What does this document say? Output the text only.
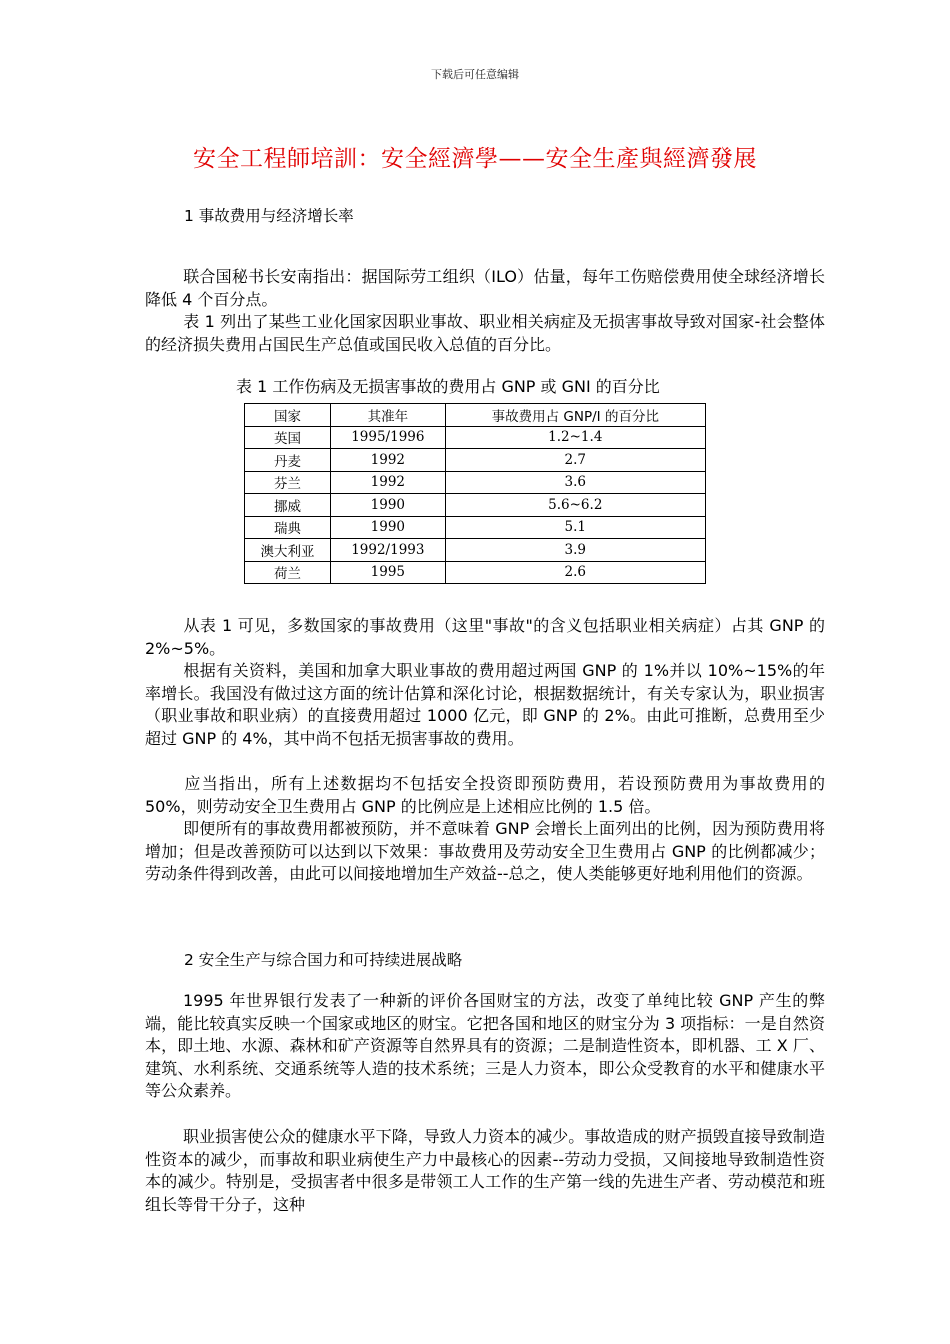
下载后可任意编辑
安全工程師培訓：安全經濟學——安全生產與經濟發展
1 事故费用与经济增长率

联合国秘书长安南指出：据国际劳工组织（ILO）估量，每年工伤赔偿费用使全球经济增长降低 4 个百分点。

表 1 列出了某些工业化国家因职业事故、职业相关病症及无损害事故导致对国家-社会整体的经济损失费用占国民生产总值或国民收入总值的百分比。

表 1 工作伤病及无损害事故的费用占 GNP 或 GNI 的百分比
国家	其准年	事故费用占 GNP/I 的百分比
英国	1995/1996	1.2~1.4
丹麦	1992	2.7
芬兰	1992	3.6
挪威	1990	5.6~6.2
瑞典	1990	5.1
澳大利亚	1992/1993	3.9
荷兰	1995	2.6

从表 1 可见，多数国家的事故费用（这里"事故"的含义包括职业相关病症）占其 GNP 的 2%~5%。

根据有关资料，美国和加拿大职业事故的费用超过两国 GNP 的 1%并以 10%~15%的年率增长。我国没有做过这方面的统计估算和深化讨论，根据数据统计，有关专家认为，职业损害（职业事故和职业病）的直接费用超过 1000 亿元，即 GNP 的 2%。由此可推断，总费用至少超过 GNP 的 4%，其中尚不包括无损害事故的费用。

应当指出，所有上述数据均不包括安全投资即预防费用，若设预防费用为事故费用的 50%，则劳动安全卫生费用占 GNP 的比例应是上述相应比例的 1.5 倍。

即便所有的事故费用都被预防，并不意味着 GNP 会增长上面列出的比例，因为预防费用将增加；但是改善预防可以达到以下效果：事故费用及劳动安全卫生费用占 GNP 的比例都减少；劳动条件得到改善，由此可以间接地增加生产效益--总之，使人类能够更好地利用他们的资源。

2 安全生产与综合国力和可持续进展战略

1995 年世界银行发表了一种新的评价各国财宝的方法，改变了单纯比较 GNP 产生的弊端，能比较真实反映一个国家或地区的财宝。它把各国和地区的财宝分为 3 项指标：一是自然资本，即土地、水源、森林和矿产资源等自然界具有的资源；二是制造性资本，即机器、工 X 厂、建筑、水利系统、交通系统等人造的技术系统；三是人力资本，即公众受教育的水平和健康水平等公众素养。

职业损害使公众的健康水平下降，导致人力资本的减少。事故造成的财产损毁直接导致制造性资本的减少，而事故和职业病使生产力中最核心的因素--劳动力受损，又间接地导致制造性资本的减少。特别是，受损害者中很多是带领工人工作的生产第一线的先进生产者、劳动模范和班组长等骨干分子，这种
